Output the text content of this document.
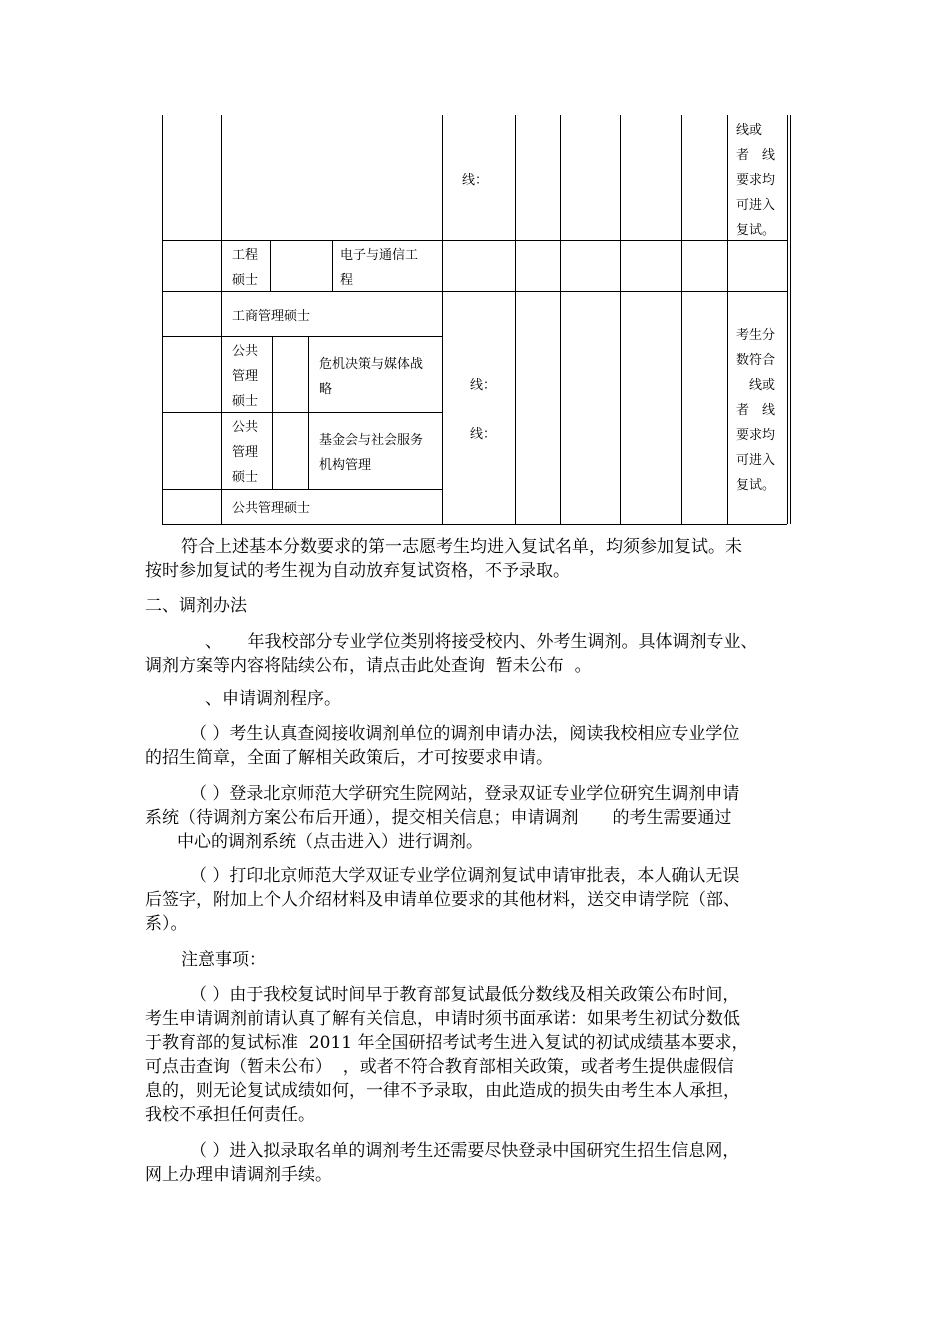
线：
线或
者　线
要求均
可进入
复试。
工程
硕士
电子与通信工
程
工商管理硕士
公共
管理
硕士
危机决策与媒体战
略
公共
管理
硕士
基金会与社会服务
机构管理
公共管理硕士
线：
线：
考生分
数符合
　线或
者　线
要求均
可进入
复试。
符合上述基本分数要求的第一志愿考生均进入复试名单，均须参加复试。未
按时参加复试的考生视为自动放弃复试资格，不予录取。
二、调剂办法
、　　年我校部分专业学位类别将接受校内、外考生调剂。具体调剂专业、
调剂方案等内容将陆续公布，请点击此处查询  暂未公布  。
、申请调剂程序。
（ ）考生认真查阅接收调剂单位的调剂申请办法，阅读我校相应专业学位
的招生简章，全面了解相关政策后，才可按要求申请。
（ ）登录北京师范大学研究生院网站，登录双证专业学位研究生调剂申请
系统（待调剂方案公布后开通），提交相关信息；申请调剂　　的考生需要通过
中心的调剂系统（点击进入）进行调剂。
（ ）打印北京师范大学双证专业学位调剂复试申请审批表，本人确认无误
后签字，附加上个人介绍材料及申请单位要求的其他材料，送交申请学院（部、
系）。
注意事项：
（ ）由于我校复试时间早于教育部复试最低分数线及相关政策公布时间，
考生申请调剂前请认真了解有关信息，申请时须书面承诺：如果考生初试分数低
于教育部的复试标准  2011 年全国研招考试考生进入复试的初试成绩基本要求，
可点击查询（暂未公布）  ，或者不符合教育部相关政策，或者考生提供虚假信
息的，则无论复试成绩如何，一律不予录取，由此造成的损失由考生本人承担，
我校不承担任何责任。
（ ）进入拟录取名单的调剂考生还需要尽快登录中国研究生招生信息网，
网上办理申请调剂手续。
